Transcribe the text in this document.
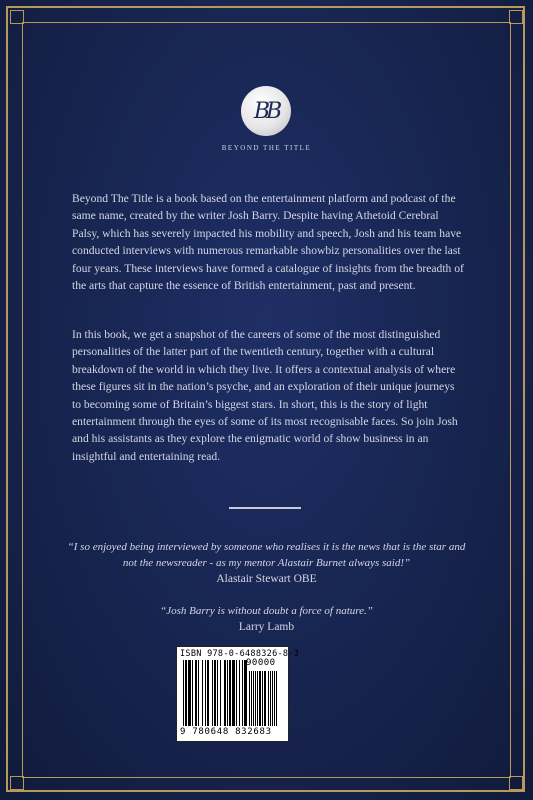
BB
BEYOND THE TITLE

Beyond The Title is a book based on the entertainment platform and podcast of the same name, created by the writer Josh Barry. Despite having Athetoid Cerebral Palsy, which has severely impacted his mobility and speech, Josh and his team have conducted interviews with numerous remarkable showbiz personalities over the last four years. These interviews have formed a catalogue of insights from the breadth of the arts that capture the essence of British entertainment, past and present.

In this book, we get a snapshot of the careers of some of the most distinguished personalities of the latter part of the twentieth century, together with a cultural breakdown of the world in which they live. It offers a contextual analysis of where these figures sit in the nation’s psyche, and an exploration of their unique journeys to becoming some of Britain’s biggest stars. In short, this is the story of light entertainment through the eyes of some of its most recognisable faces. So join Josh and his assistants as they explore the enigmatic world of show business in an insightful and entertaining read.

“I so enjoyed being interviewed by someone who realises it is the news that is the star and not the newsreader - as my mentor Alastair Burnet always said!”
Alastair Stewart OBE
“Josh Barry is without doubt a force of nature.”
Larry Lamb
ISBN 978-0-6488326-8-3
90000
9 780648 832683
